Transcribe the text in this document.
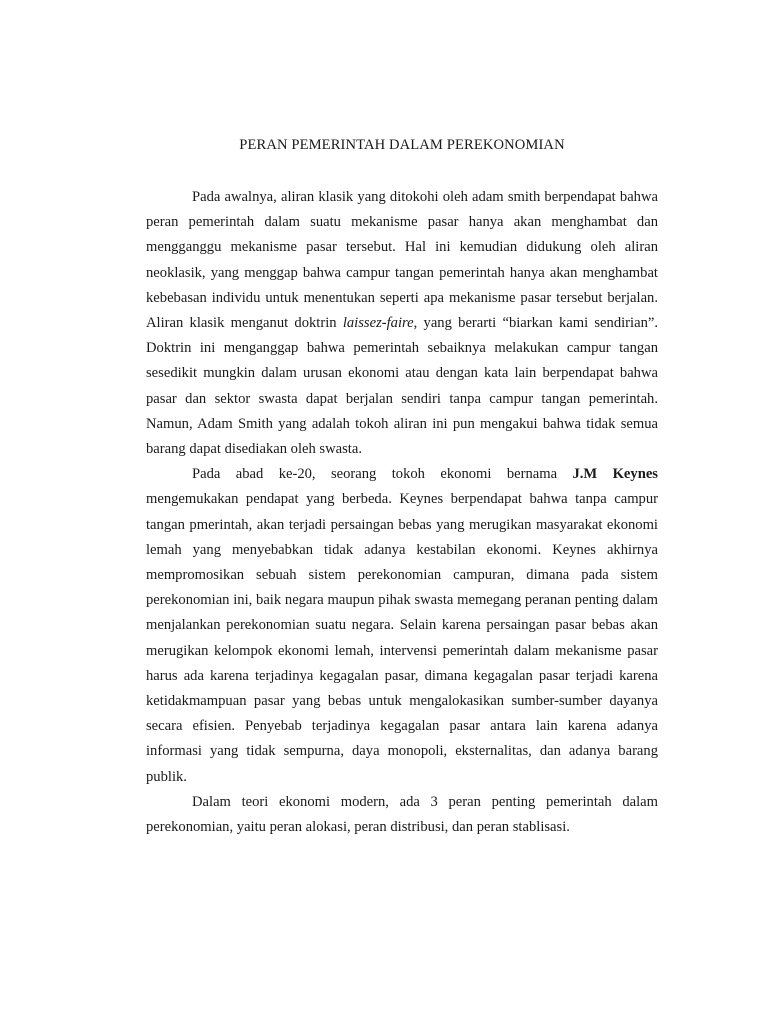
PERAN PEMERINTAH DALAM PEREKONOMIAN

Pada awalnya, aliran klasik yang ditokohi oleh adam smith berpendapat bahwa peran pemerintah dalam suatu mekanisme pasar hanya akan menghambat dan mengganggu mekanisme pasar tersebut. Hal ini kemudian didukung oleh aliran neoklasik, yang menggap bahwa campur tangan pemerintah hanya akan menghambat kebebasan individu untuk menentukan seperti apa mekanisme pasar tersebut berjalan. Aliran klasik menganut doktrin laissez-faire, yang berarti “biarkan kami sendirian”. Doktrin ini menganggap bahwa pemerintah sebaiknya melakukan campur tangan sesedikit mungkin dalam urusan ekonomi atau dengan kata lain berpendapat bahwa pasar dan sektor swasta dapat berjalan sendiri tanpa campur tangan pemerintah. Namun, Adam Smith yang adalah tokoh aliran ini pun mengakui bahwa tidak semua barang dapat disediakan oleh swasta.

Pada abad ke-20, seorang tokoh ekonomi bernama J.M Keynes mengemukakan pendapat yang berbeda. Keynes berpendapat bahwa tanpa campur tangan pmerintah, akan terjadi persaingan bebas yang merugikan masyarakat ekonomi lemah yang menyebabkan tidak adanya kestabilan ekonomi. Keynes akhirnya mempromosikan sebuah sistem perekonomian campuran, dimana pada sistem perekonomian ini, baik negara maupun pihak swasta memegang peranan penting dalam menjalankan perekonomian suatu negara. Selain karena persaingan pasar bebas akan merugikan kelompok ekonomi lemah, intervensi pemerintah dalam mekanisme pasar harus ada karena terjadinya kegagalan pasar, dimana kegagalan pasar terjadi karena ketidakmampuan pasar yang bebas untuk mengalokasikan sumber-sumber dayanya secara efisien. Penyebab terjadinya kegagalan pasar antara lain karena adanya informasi yang tidak sempurna, daya monopoli, eksternalitas, dan adanya barang publik.

Dalam teori ekonomi modern, ada 3 peran penting pemerintah dalam perekonomian, yaitu peran alokasi, peran distribusi, dan peran stablisasi.
